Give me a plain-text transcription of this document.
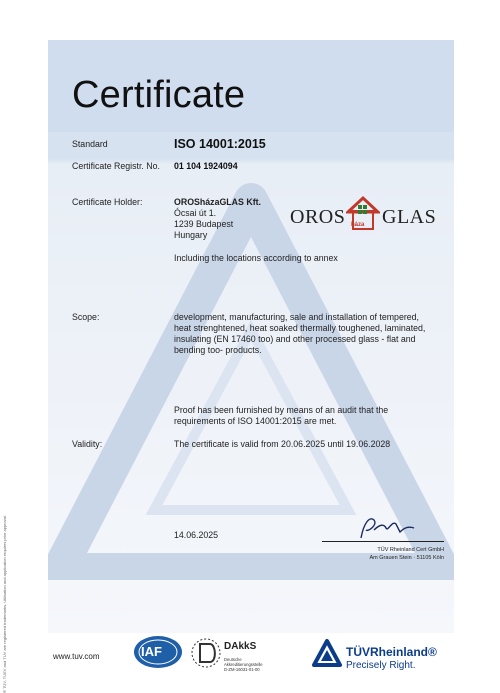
Certificate
Standard	ISO 14001:2015
Certificate Registr. No. 01 104 1924094
Certificate Holder:	OROSházaGLAS Kft.
Ócsai út 1.
1239 Budapest
Hungary
OROS háza GLAS
Including the locations according to annex
Scope:	development, manufacturing, sale and installation of tempered,
heat strenghtened, heat soaked thermally toughened, laminated,
insulating (EN 17460 too) and other processed glass - flat and
bending too- products.
Proof has been furnished by means of an audit that the
requirements of ISO 14001:2015 are met.
Validity:	The certificate is valid from 20.06.2025 until 19.06.2028
14.06.2025
TÜV Rheinland Cert GmbH
Am Grauen Stein · 51105 Köln
www.tuv.com	IAF	DAkkS
Deutsche
Akkreditierungsstelle
D-ZM-16031-01-00
TÜVRheinland®
Precisely Right.
® TÜV, TUEV and TUV are registered trademarks. Utilisation and application requires prior approval.
